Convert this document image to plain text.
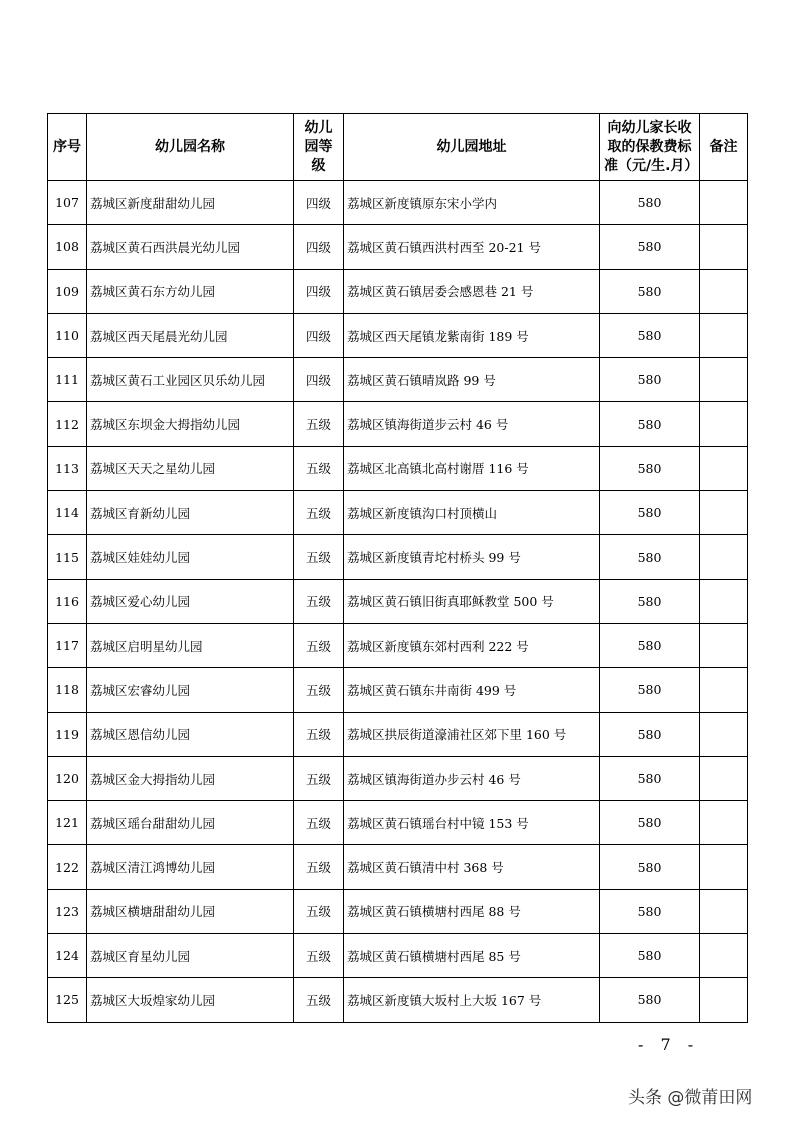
序号	幼儿园名称	幼儿园等级	幼儿园地址	向幼儿家长收取的保教费标准（元/生.月）	备注
107	荔城区新度甜甜幼儿园	四级	荔城区新度镇原东宋小学内	580	
108	荔城区黄石西洪晨光幼儿园	四级	荔城区黄石镇西洪村西至 20-21 号	580	
109	荔城区黄石东方幼儿园	四级	荔城区黄石镇居委会感恩巷 21 号	580	
110	荔城区西天尾晨光幼儿园	四级	荔城区西天尾镇龙紫南街 189 号	580	
111	荔城区黄石工业园区贝乐幼儿园	四级	荔城区黄石镇晴岚路 99 号	580	
112	荔城区东坝金大拇指幼儿园	五级	荔城区镇海街道步云村 46 号	580	
113	荔城区天天之星幼儿园	五级	荔城区北高镇北高村谢厝 116 号	580	
114	荔城区育新幼儿园	五级	荔城区新度镇沟口村顶横山	580	
115	荔城区娃娃幼儿园	五级	荔城区新度镇青坨村桥头 99 号	580	
116	荔城区爱心幼儿园	五级	荔城区黄石镇旧街真耶稣教堂 500 号	580	
117	荔城区启明星幼儿园	五级	荔城区新度镇东郊村西利 222 号	580	
118	荔城区宏睿幼儿园	五级	荔城区黄石镇东井南街 499 号	580	
119	荔城区恩信幼儿园	五级	荔城区拱辰街道濠浦社区郊下里 160 号	580	
120	荔城区金大拇指幼儿园	五级	荔城区镇海街道办步云村 46 号	580	
121	荔城区瑶台甜甜幼儿园	五级	荔城区黄石镇瑶台村中镜 153 号	580	
122	荔城区清江鸿博幼儿园	五级	荔城区黄石镇清中村 368 号	580	
123	荔城区横塘甜甜幼儿园	五级	荔城区黄石镇横塘村西尾 88 号	580	
124	荔城区育星幼儿园	五级	荔城区黄石镇横塘村西尾 85 号	580	
125	荔城区大坂煌家幼儿园	五级	荔城区新度镇大坂村上大坂 167 号	580	
- 7 -
头条 @微莆田网
